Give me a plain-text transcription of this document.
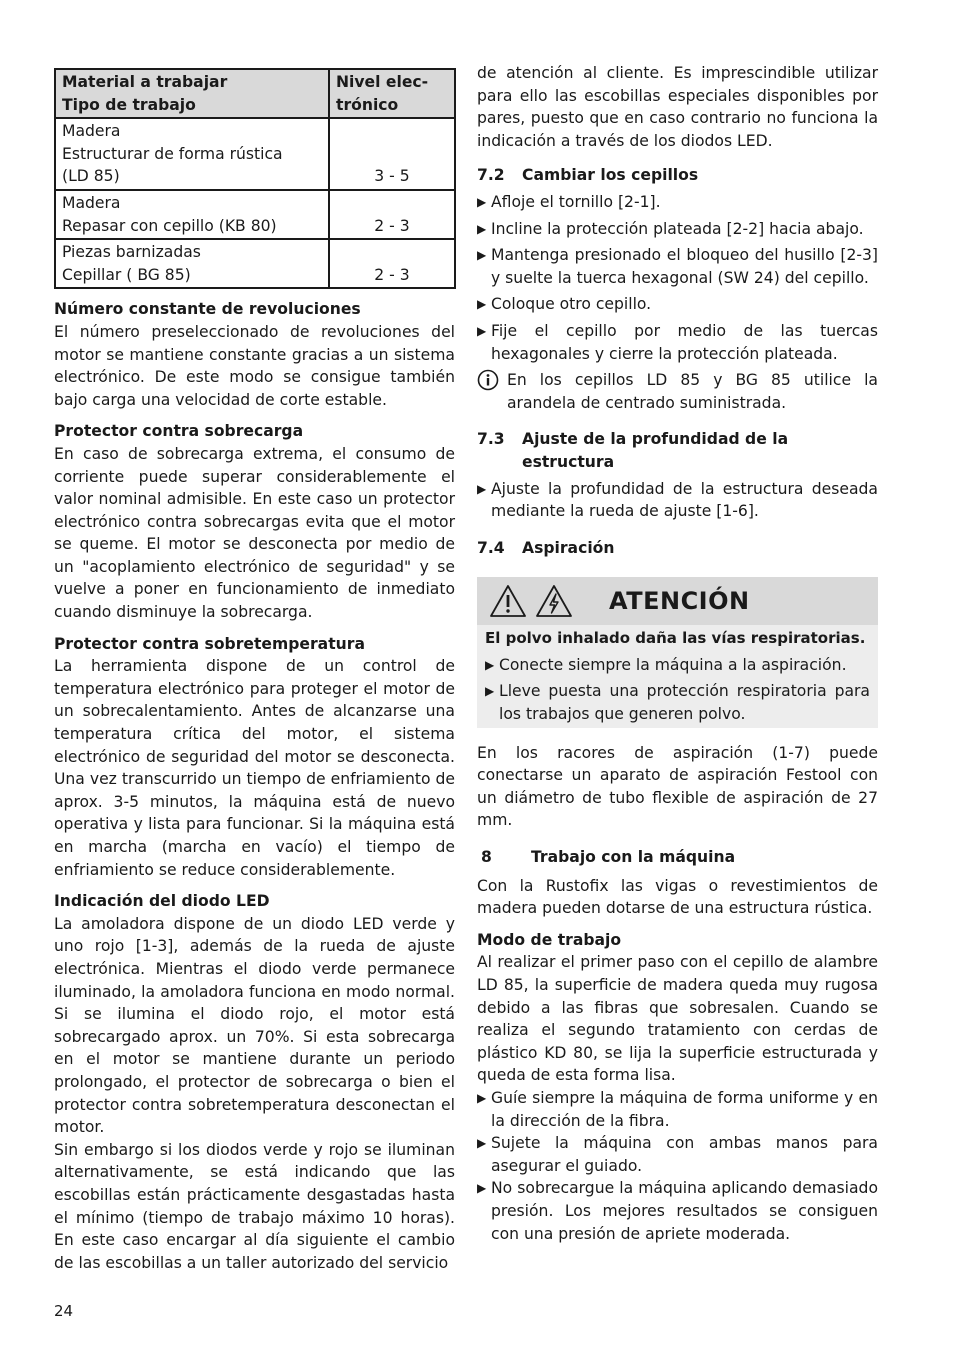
Material a trabajar
Tipo de trabajo	Nivel elec-
trónico
Madera
Estructurar de forma rústica
(LD 85)	3 - 5
Madera
Repasar con cepillo (KB 80)	2 - 3
Piezas barnizadas
Cepillar ( BG 85)	2 - 3

Número constante de revoluciones

El número preseleccionado de revoluciones del motor se mantiene constante gracias a un sistema electrónico. De este modo se consigue también bajo carga una velocidad de corte estable.

Protector contra sobrecarga

En caso de sobrecarga extrema, el consumo de corriente puede superar considerablemente el valor nominal admisible. En este caso un protector electrónico contra sobrecargas evita que el motor se queme. El motor se desconecta por medio de un "acoplamiento electrónico de seguridad" y se vuelve a poner en funcionamiento de inmediato cuando disminuye la sobrecarga.

Protector contra sobretemperatura

La herramienta dispone de un control de temperatura electrónico para proteger el motor de un sobrecalentamiento. Antes de alcanzarse una temperatura crítica del motor, el sistema electrónico de seguridad del motor se desconecta. Una vez transcurrido un tiempo de enfriamiento de aprox. 3-5 minutos, la máquina está de nuevo operativa y lista para funcionar. Si la máquina está en marcha (marcha en vacío) el tiempo de enfriamiento se reduce considerablemente.

Indicación del diodo LED

La amoladora dispone de un diodo LED verde y uno rojo [1-3], además de la rueda de ajuste electrónica. Mientras el diodo verde permanece iluminado, la amoladora funciona en modo normal. Si se ilumina el diodo rojo, el motor está sobrecargado aprox. un 70%. Si esta sobrecarga en el motor se mantiene durante un periodo prolongado, el protector de sobrecarga o bien el protector contra sobretemperatura desconectan el motor.

Sin embargo si los diodos verde y rojo se iluminan alternativamente, se está indicando que las escobillas están prácticamente desgastadas hasta el mínimo (tiempo de trabajo máximo 10 horas). En este caso encargar al día siguiente el cambio de las escobillas a un taller autorizado del servicio

de atención al cliente. Es imprescindible utilizar para ello las escobillas especiales disponibles por pares, puesto que en caso contrario no funciona la indicación a través de los diodos LED.

7.2	Cambiar los cepillos
▶ Afloje el tornillo [2-1].
▶ Incline la protección plateada [2-2] hacia abajo.
▶ Mantenga presionado el bloqueo del husillo [2-3] y suelte la tuerca hexagonal (SW 24) del cepillo.
▶ Coloque otro cepillo.
▶ Fije el cepillo por medio de las tuercas hexagonales y cierre la protección plateada.
En los cepillos LD 85 y BG 85 utilice la arandela de centrado suministrada.
7.3	Ajuste de la profundidad de la estructura
▶ Ajuste la profundidad de la estructura deseada mediante la rueda de ajuste [1-6].
7.4	Aspiración
ATENCIÓN

El polvo inhalado daña las vías respiratorias.

▶ Conecte siempre la máquina a la aspiración.
▶ Lleve puesta una protección respiratoria para los trabajos que generen polvo.

En los racores de aspiración (1-7) puede conectarse un aparato de aspiración Festool con un diámetro de tubo flexible de aspiración de 27 mm.

8	Trabajo con la máquina

Con la Rustofix las vigas o revestimientos de madera pueden dotarse de una estructura rústica.

Modo de trabajo

Al realizar el primer paso con el cepillo de alambre LD 85, la superficie de madera queda muy rugosa debido a las fibras que sobresalen. Cuando se realiza el segundo tratamiento con cerdas de plástico KD 80, se lija la superficie estructurada y queda de esta forma lisa.

▶ Guíe siempre la máquina de forma uniforme y en la dirección de la fibra.
▶ Sujete la máquina con ambas manos para asegurar el guiado.
▶ No sobrecargue la máquina aplicando demasiado presión. Los mejores resultados se consiguen con una presión de apriete moderada.
24
